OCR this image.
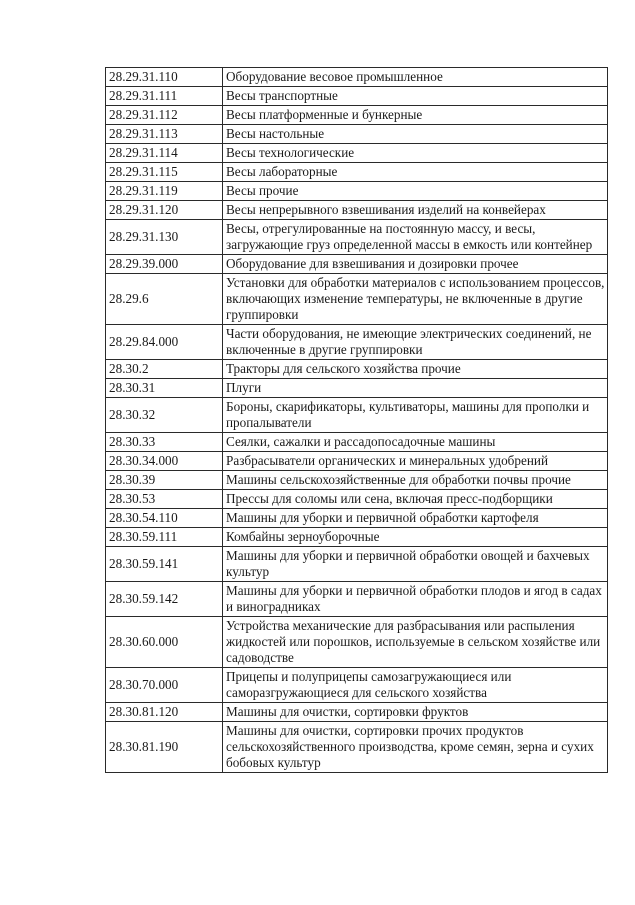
28.29.31.110	Оборудование весовое промышленное
28.29.31.111	Весы транспортные
28.29.31.112	Весы платформенные и бункерные
28.29.31.113	Весы настольные
28.29.31.114	Весы технологические
28.29.31.115	Весы лабораторные
28.29.31.119	Весы прочие
28.29.31.120	Весы непрерывного взвешивания изделий на конвейерах
28.29.31.130	Весы, отрегулированные на постоянную массу, и весы, загружающие груз определенной массы в емкость или контейнер
28.29.39.000	Оборудование для взвешивания и дозировки прочее
28.29.6	Установки для обработки материалов с использованием процессов, включающих изменение температуры, не включенные в другие группировки
28.29.84.000	Части оборудования, не имеющие электрических соединений, не включенные в другие группировки
28.30.2	Тракторы для сельского хозяйства прочие
28.30.31	Плуги
28.30.32	Бороны, скарификаторы, культиваторы, машины для прополки и пропалыватели
28.30.33	Сеялки, сажалки и рассадопосадочные машины
28.30.34.000	Разбрасыватели органических и минеральных удобрений
28.30.39	Машины сельскохозяйственные для обработки почвы прочие
28.30.53	Прессы для соломы или сена, включая пресс-подборщики
28.30.54.110	Машины для уборки и первичной обработки картофеля
28.30.59.111	Комбайны зерноуборочные
28.30.59.141	Машины для уборки и первичной обработки овощей и бахчевых культур
28.30.59.142	Машины для уборки и первичной обработки плодов и ягод в садах и виноградниках
28.30.60.000	Устройства механические для разбрасывания или распыления жидкостей или порошков, используемые в сельском хозяйстве или садоводстве
28.30.70.000	Прицепы и полуприцепы самозагружающиеся или саморазгружающиеся для сельского хозяйства
28.30.81.120	Машины для очистки, сортировки фруктов
28.30.81.190	Машины для очистки, сортировки прочих продуктов сельскохозяйственного производства, кроме семян, зерна и сухих бобовых культур
